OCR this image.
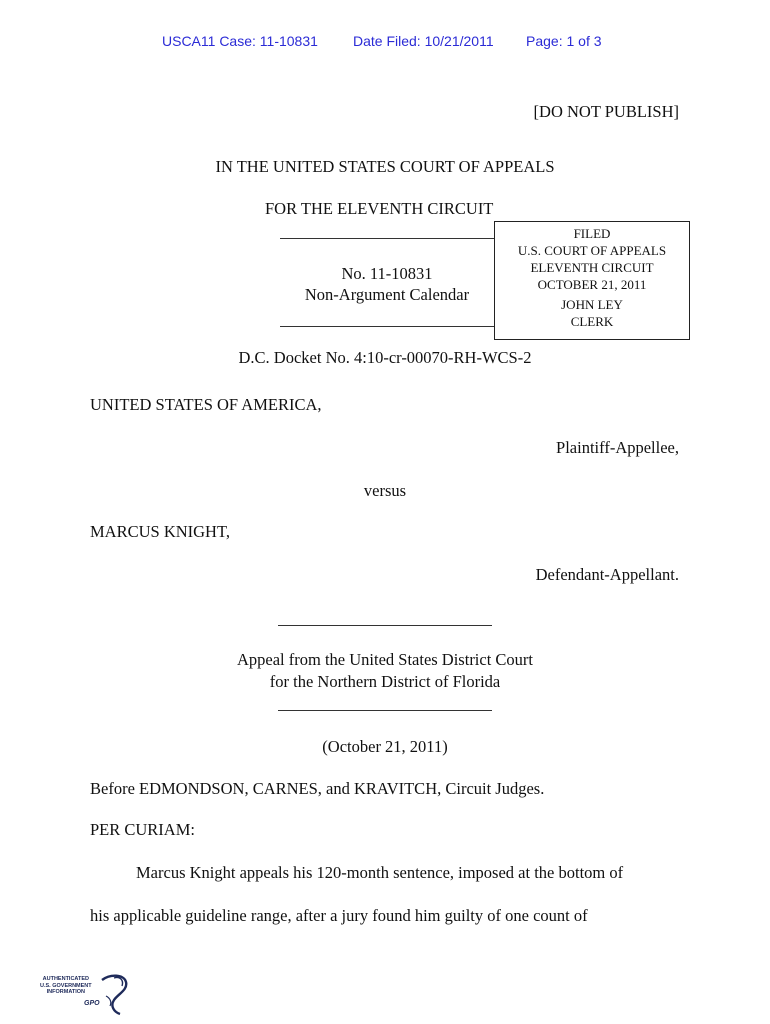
USCA11 Case: 11-10831	Date Filed: 10/21/2011 Page: 1 of 3
[DO NOT PUBLISH]
IN THE UNITED STATES COURT OF APPEALS
FOR THE ELEVENTH CIRCUIT
No. 11-10831
Non-Argument Calendar
FILED
U.S. COURT OF APPEALS
ELEVENTH CIRCUIT
OCTOBER 21, 2011
JOHN LEY
CLERK
D.C. Docket No. 4:10-cr-00070-RH-WCS-2
UNITED STATES OF AMERICA,
Plaintiff-Appellee,
versus
MARCUS KNIGHT,
Defendant-Appellant.
Appeal from the United States District Court
for the Northern District of Florida
(October 21, 2011)
Before EDMONDSON, CARNES, and KRAVITCH, Circuit Judges.
PER CURIAM:
Marcus Knight appeals his 120-month sentence, imposed at the bottom of
his applicable guideline range, after a jury found him guilty of one count of
AUTHENTICATED
U.S. GOVERNMENT
INFORMATION
GPO
